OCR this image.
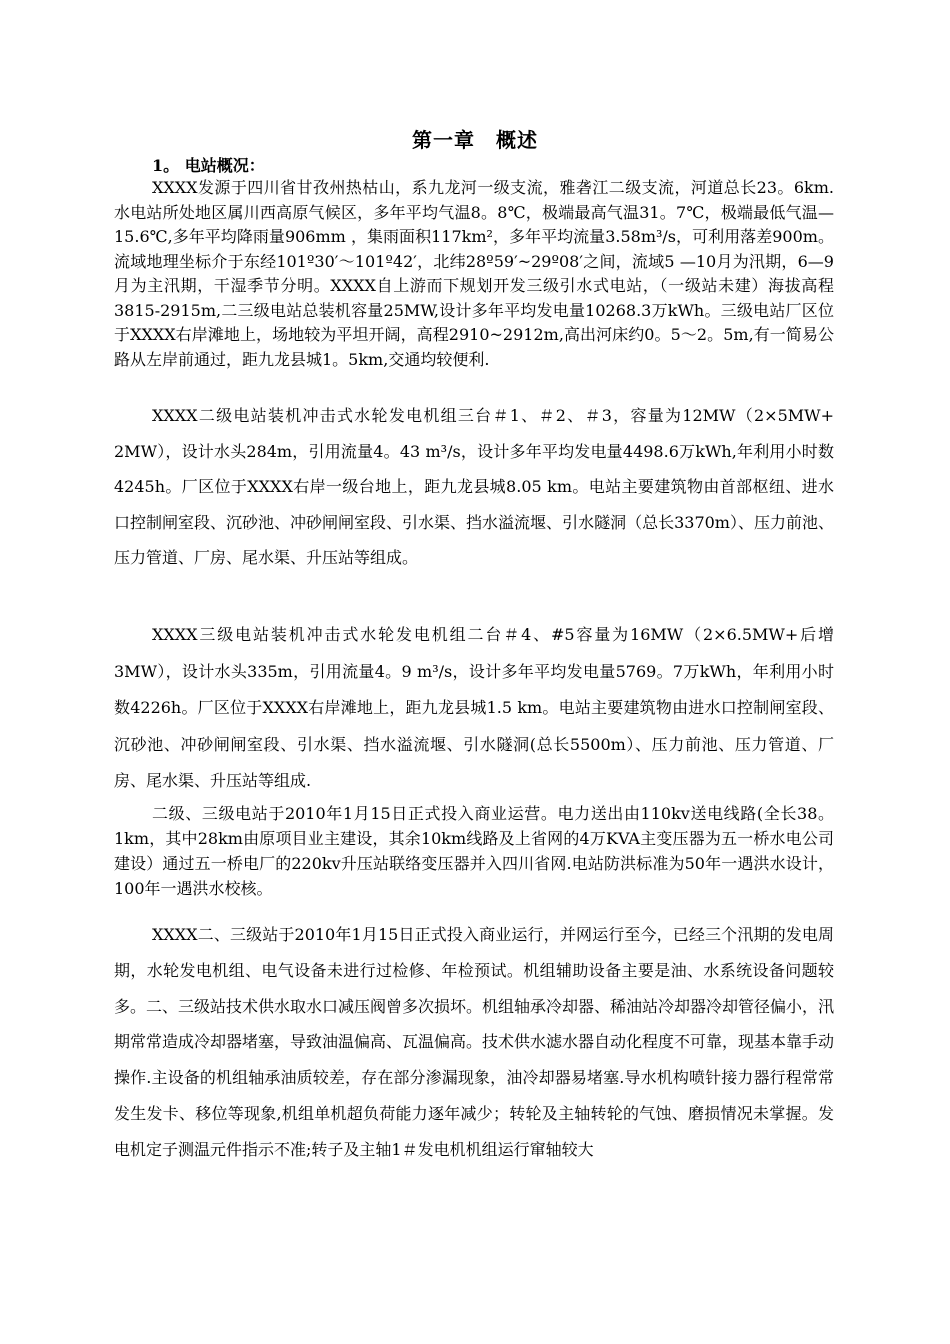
第一章　概述
1。 电站概况：

XXXX发源于四川省甘孜州热枯山，系九龙河一级支流，雅砻江二级支流，河道总长23。6km.水电站所处地区属川西高原气候区，多年平均气温8。8℃，极端最高气温31。7℃，极端最低气温—15.6℃,多年平均降雨量906mm ，集雨面积117km²，多年平均流量3.58m³/s，可利用落差900m。流域地理坐标介于东经101º30′～101º42′，北纬28º59′~29º08′之间，流域5 —10月为汛期，6—9月为主汛期，干湿季节分明。XXXX自上游而下规划开发三级引水式电站，（一级站未建）海拔高程3815-2915m,二三级电站总装机容量25MW,设计多年平均发电量10268.3万kWh。三级电站厂区位于XXXX右岸滩地上，场地较为平坦开阔，高程2910~2912m,高出河床约0。5～2。5m,有一简易公路从左岸前通过，距九龙县城1。5km,交通均较便利.

XXXX二级电站装机冲击式水轮发电机组三台＃1、＃2、＃3，容量为12MW（2×5MW+ 2MW），设计水头284m，引用流量4。43 m³/s，设计多年平均发电量4498.6万kWh,年利用小时数4245h。厂区位于XXXX右岸一级台地上，距九龙县城8.05 km。电站主要建筑物由首部枢纽、进水口控制闸室段、沉砂池、冲砂闸闸室段、引水渠、挡水溢流堰、引水隧洞（总长3370m）、压力前池、压力管道、厂房、尾水渠、升压站等组成。

XXXX三级电站装机冲击式水轮发电机组二台＃4、#5容量为16MW（2×6.5MW+后增3MW），设计水头335m，引用流量4。9 m³/s，设计多年平均发电量5769。7万kWh，年利用小时数4226h。厂区位于XXXX右岸滩地上，距九龙县城1.5 km。电站主要建筑物由进水口控制闸室段、沉砂池、冲砂闸闸室段、引水渠、挡水溢流堰、引水隧洞(总长5500m）、压力前池、压力管道、厂房、尾水渠、升压站等组成.

二级、三级电站于2010年1月15日正式投入商业运营。电力送出由110kv送电线路(全长38。1km，其中28km由原项目业主建设，其余10km线路及上省网的4万KVA主变压器为五一桥水电公司建设）通过五一桥电厂的220kv升压站联络变压器并入四川省网.电站防洪标准为50年一遇洪水设计，100年一遇洪水校核。

XXXX二、三级站于2010年1月15日正式投入商业运行，并网运行至今，已经三个汛期的发电周期，水轮发电机组、电气设备未进行过检修、年检预试。机组辅助设备主要是油、水系统设备问题较多。二、三级站技术供水取水口减压阀曾多次损坏。机组轴承冷却器、稀油站冷却器冷却管径偏小，汛期常常造成冷却器堵塞，导致油温偏高、瓦温偏高。技术供水滤水器自动化程度不可靠，现基本靠手动操作.主设备的机组轴承油质较差，存在部分渗漏现象，油冷却器易堵塞.导水机构喷针接力器行程常常发生发卡、移位等现象,机组单机超负荷能力逐年减少；转轮及主轴转轮的气蚀、磨损情况未掌握。发电机定子测温元件指示不准;转子及主轴1＃发电机机组运行窜轴较大
